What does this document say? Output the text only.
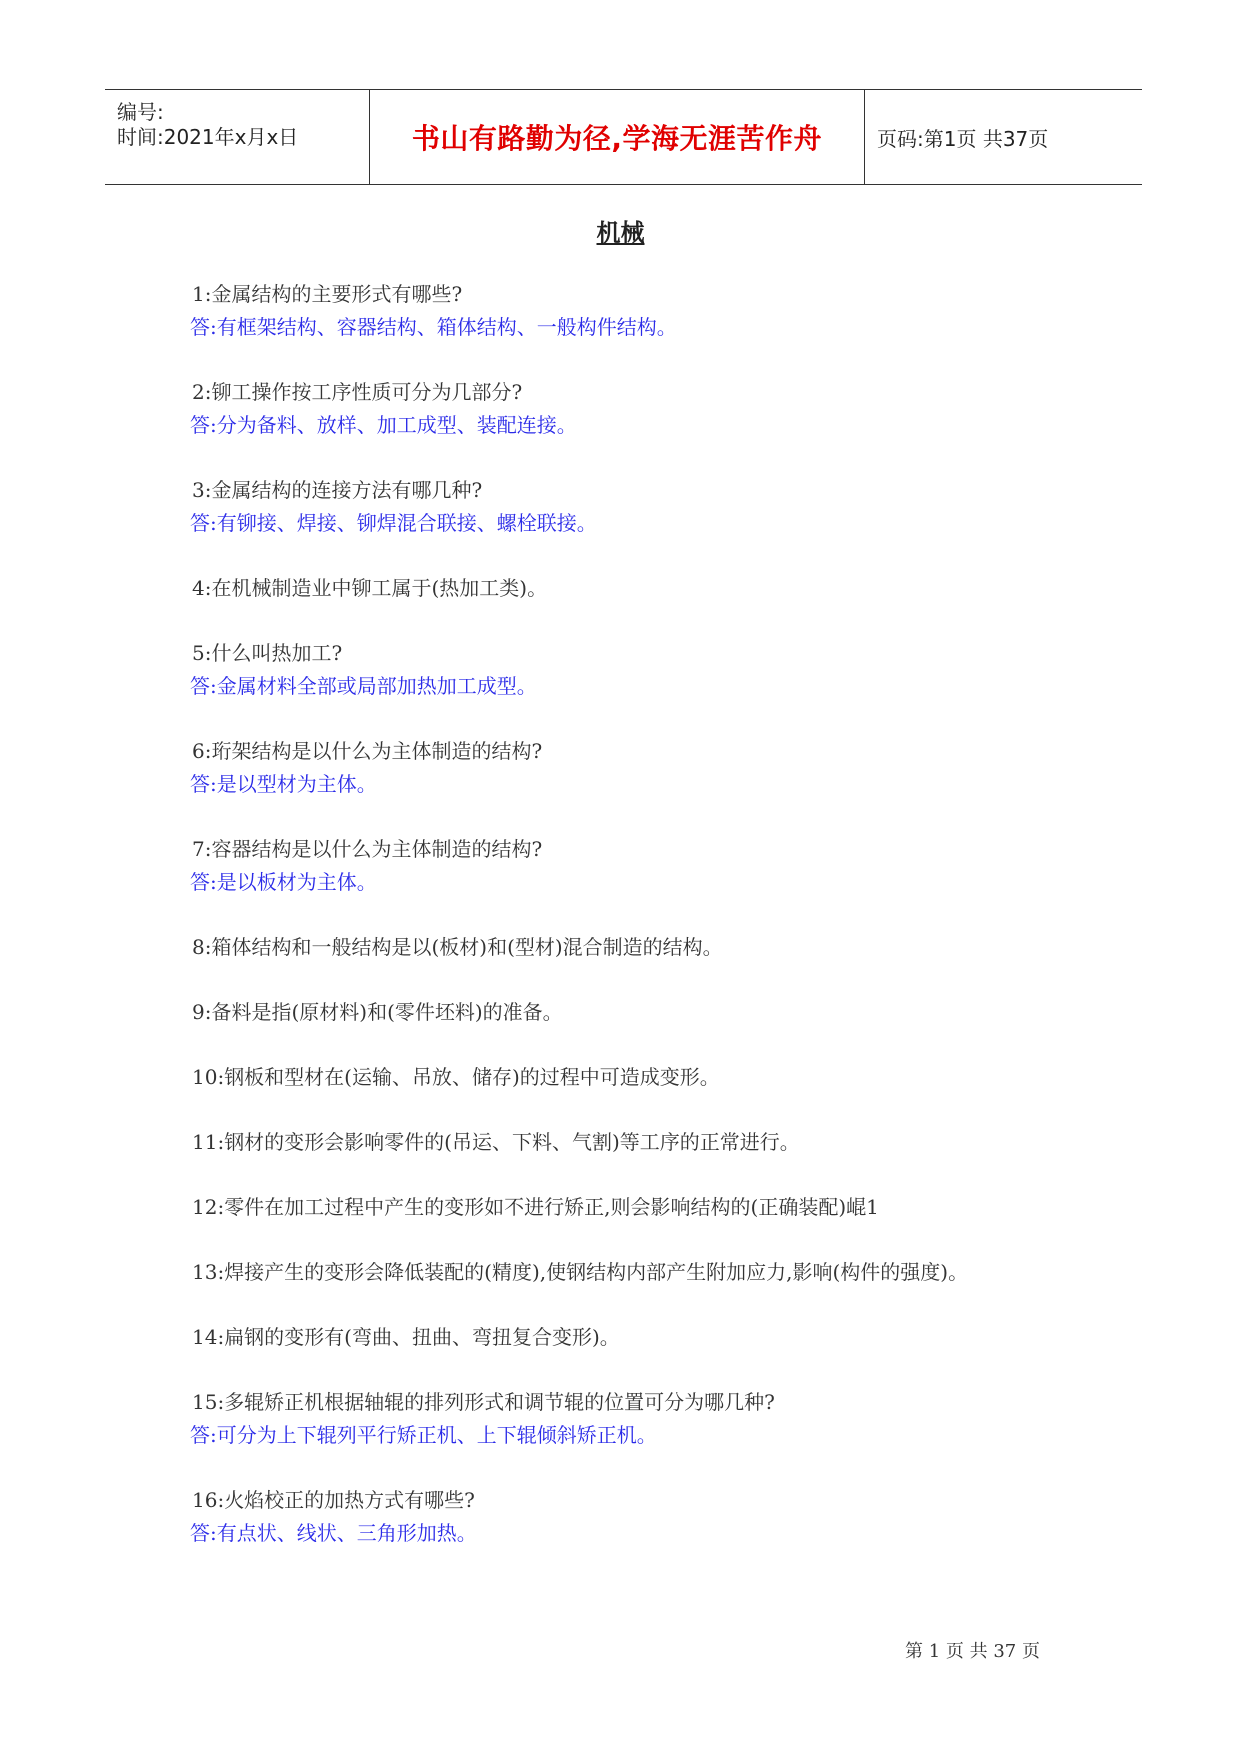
编号:
时间:2021年x月x日	书山有路勤为径,学海无涯苦作舟	页码:第1页 共37页
机械
1:金属结构的主要形式有哪些?
答:有框架结构、容器结构、箱体结构、一般构件结构。
2:铆工操作按工序性质可分为几部分?
答:分为备料、放样、加工成型、装配连接。
3:金属结构的连接方法有哪几种?
答:有铆接、焊接、铆焊混合联接、螺栓联接。
4:在机械制造业中铆工属于(热加工类)。
5:什么叫热加工?
答:金属材料全部或局部加热加工成型。
6:珩架结构是以什么为主体制造的结构?
答:是以型材为主体。
7:容器结构是以什么为主体制造的结构?
答:是以板材为主体。
8:箱体结构和一般结构是以(板材)和(型材)混合制造的结构。
9:备料是指(原材料)和(零件坯料)的准备。
10:钢板和型材在(运输、吊放、储存)的过程中可造成变形。
11:钢材的变形会影响零件的(吊运、下料、气割)等工序的正常进行。
12:零件在加工过程中产生的变形如不进行矫正,则会影响结构的(正确装配)崐1
13:焊接产生的变形会降低装配的(精度),使钢结构内部产生附加应力,影响(构件的强度)。
14:扁钢的变形有(弯曲、扭曲、弯扭复合变形)。
15:多辊矫正机根据轴辊的排列形式和调节辊的位置可分为哪几种?
答:可分为上下辊列平行矫正机、上下辊倾斜矫正机。
16:火焰校正的加热方式有哪些?
答:有点状、线状、三角形加热。
第 1 页 共 37 页
